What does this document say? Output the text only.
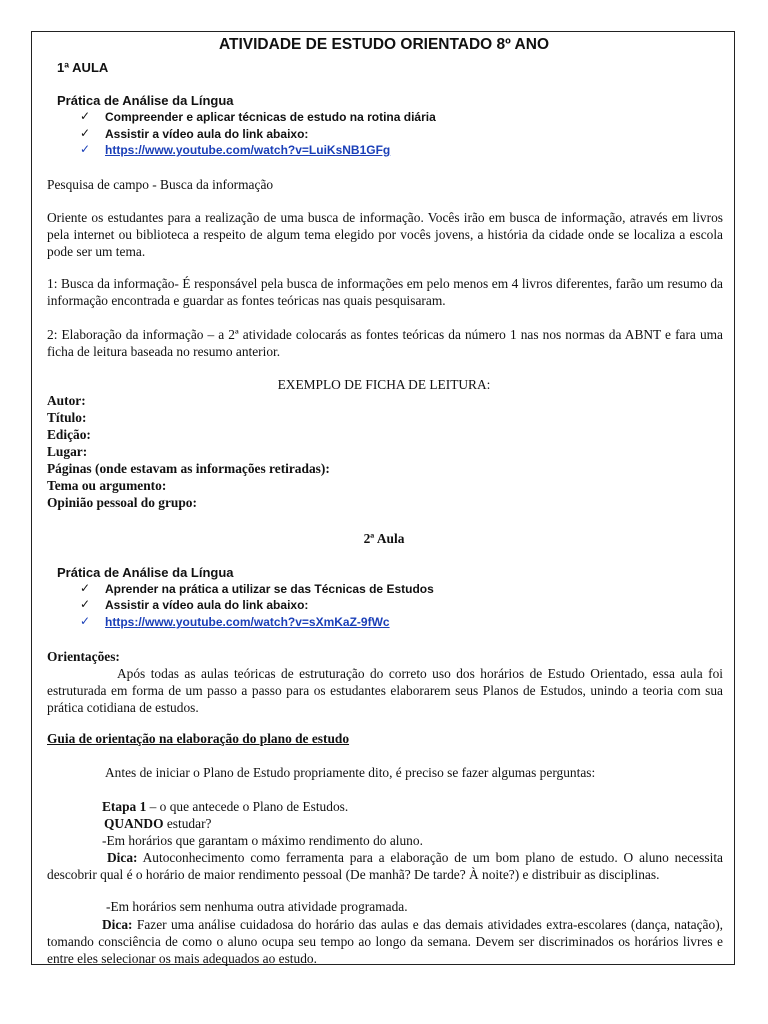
ATIVIDADE DE ESTUDO ORIENTADO 8º ANO
1ª AULA
Prática de Análise da Língua
✓ Compreender e aplicar técnicas de estudo na rotina diária
✓ Assistir a vídeo aula do link abaixo:
✓ https://www.youtube.com/watch?v=LuiKsNB1GFg
Pesquisa de campo - Busca da informação
Oriente os estudantes para a realização de uma busca de informação. Vocês irão em busca de informação, através em livros pela internet ou biblioteca a respeito de algum tema elegido por vocês jovens, a história da cidade onde se localiza a escola pode ser um tema.
1: Busca da informação- É responsável pela busca de informações em pelo menos em 4 livros diferentes, farão um resumo da informação encontrada e guardar as fontes teóricas nas quais pesquisaram.
2: Elaboração da informação – a 2ª atividade colocarás as fontes teóricas da número 1 nas nos normas da ABNT e fara uma ficha de leitura baseada no resumo anterior.
EXEMPLO DE FICHA DE LEITURA:
Autor:
Título:
Edição:
Lugar:
Páginas (onde estavam as informações retiradas):
Tema ou argumento:
Opinião pessoal do grupo:
2ª Aula
Prática de Análise da Língua
✓ Aprender na prática a utilizar se das Técnicas de Estudos
✓ Assistir a vídeo aula do link abaixo:
✓ https://www.youtube.com/watch?v=sXmKaZ-9fWc
Orientações:
Após todas as aulas teóricas de estruturação do correto uso dos horários de Estudo Orientado, essa aula foi estruturada em forma de um passo a passo para os estudantes elaborarem seus Planos de Estudos, unindo a teoria com sua prática cotidiana de estudos.
Guia de orientação na elaboração do plano de estudo
Antes de iniciar o Plano de Estudo propriamente dito, é preciso se fazer algumas perguntas:
Etapa 1 – o que antecede o Plano de Estudos.
QUANDO estudar?
-Em horários que garantam o máximo rendimento do aluno.
Dica: Autoconhecimento como ferramenta para a elaboração de um bom plano de estudo. O aluno necessita descobrir qual é o horário de maior rendimento pessoal (De manhã? De tarde? À noite?) e distribuir as disciplinas.
-Em horários sem nenhuma outra atividade programada.
Dica: Fazer uma análise cuidadosa do horário das aulas e das demais atividades extra-escolares (dança, natação), tomando consciência de como o aluno ocupa seu tempo ao longo da semana. Devem ser discriminados os horários livres e entre eles selecionar os mais adequados ao estudo.
